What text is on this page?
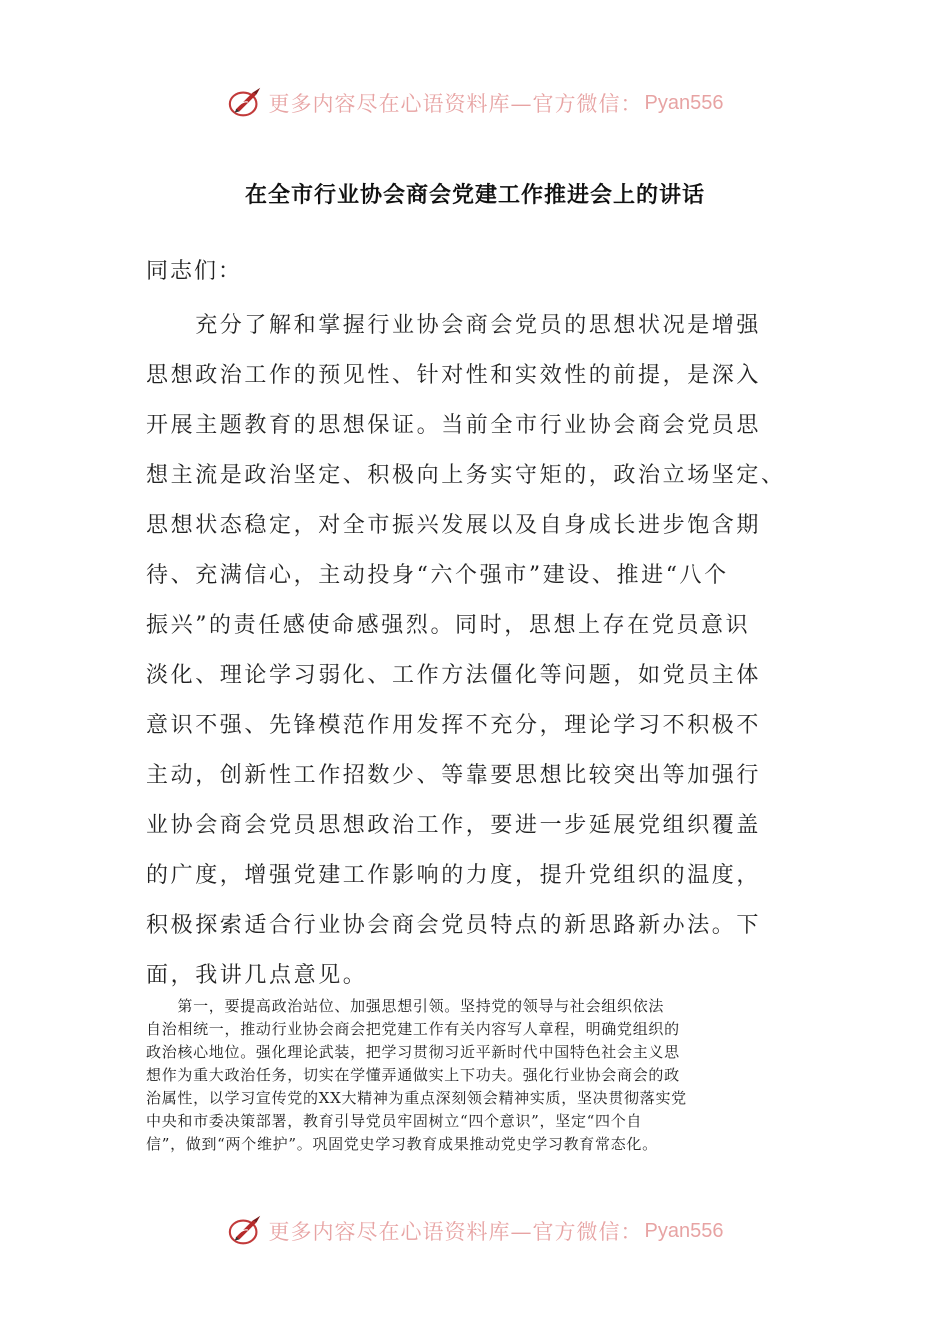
更多内容尽在心语资料库—官方微信： Pyan556
在全市行业协会商会党建工作推进会上的讲话
同志们：
　　充分了解和掌握行业协会商会党员的思想状况是增强
思想政治工作的预见性、针对性和实效性的前提，是深入
开展主题教育的思想保证。当前全市行业协会商会党员思
想主流是政治坚定、积极向上务实守矩的，政治立场坚定、
思想状态稳定，对全市振兴发展以及自身成长进步饱含期
待、充满信心，主动投身“六个强市”建设、推进“八个
振兴”的责任感使命感强烈。同时，思想上存在党员意识
淡化、理论学习弱化、工作方法僵化等问题，如党员主体
意识不强、先锋模范作用发挥不充分，理论学习不积极不
主动，创新性工作招数少、等靠要思想比较突出等加强行
业协会商会党员思想政治工作，要进一步延展党组织覆盖
的广度，增强党建工作影响的力度，提升党组织的温度，
积极探索适合行业协会商会党员特点的新思路新办法。下
面，我讲几点意见。
　　第一，要提高政治站位、加强思想引领。坚持党的领导与社会组织依法
自治相统一，推动行业协会商会把党建工作有关内容写人章程，明确党组织的
政治核心地位。强化理论武装，把学习贯彻习近平新时代中国特色社会主义思
想作为重大政治任务，切实在学懂弄通做实上下功夫。强化行业协会商会的政
治属性，以学习宣传党的XX大精神为重点深刻领会精神实质，坚决贯彻落实党
中央和市委决策部署，教育引导党员牢固树立“四个意识”，坚定“四个自
信”，做到“两个维护”。巩固党史学习教育成果推动党史学习教育常态化。
更多内容尽在心语资料库—官方微信： Pyan556
